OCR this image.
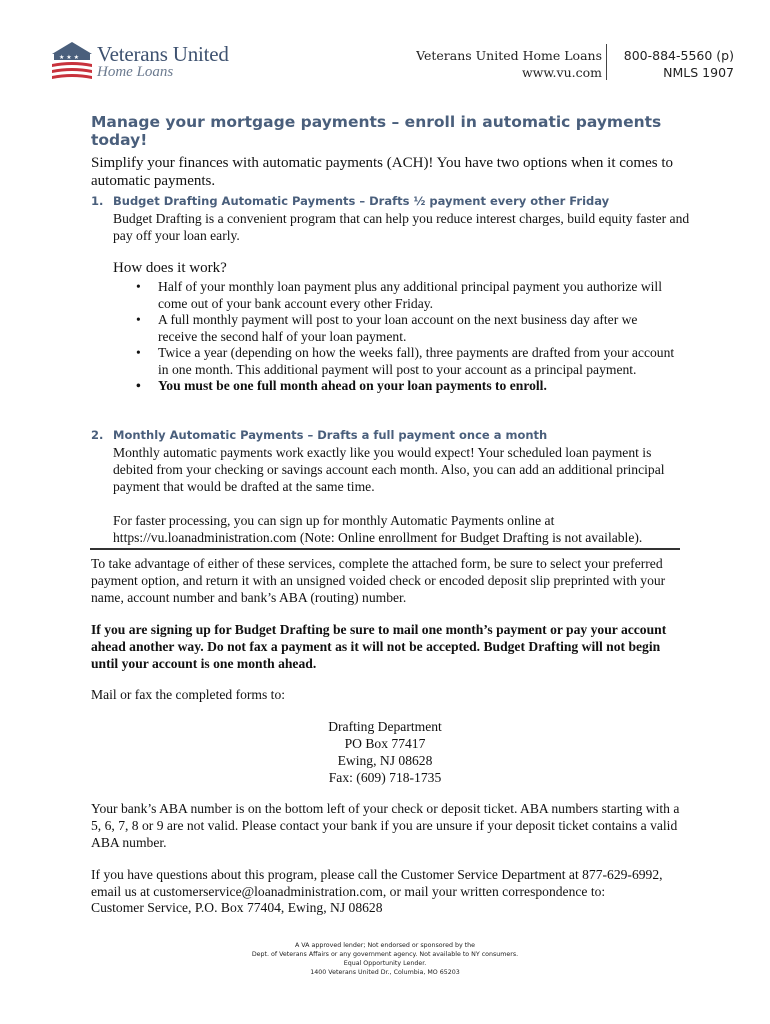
★ ★ ★ Veterans United
Home Loans
Veterans United Home Loans
www.vu.com
800-884-5560 (p)
NMLS 1907
Manage your mortgage payments – enroll in automatic payments today!

Simplify your finances with automatic payments (ACH)! You have two options when it comes to automatic payments.

1. Budget Drafting Automatic Payments – Drafts ½ payment every other Friday

Budget Drafting is a convenient program that can help you reduce interest charges, build equity faster and pay off your loan early.

How does it work?
• Half of your monthly loan payment plus any additional principal payment you authorize will come out of your bank account every other Friday.
• A full monthly payment will post to your loan account on the next business day after we receive the second half of your loan payment.
• Twice a year (depending on how the weeks fall), three payments are drafted from your account in one month. This additional payment will post to your account as a principal payment.
• You must be one full month ahead on your loan payments to enroll.
2. Monthly Automatic Payments – Drafts a full payment once a month

Monthly automatic payments work exactly like you would expect! Your scheduled loan payment is debited from your checking or savings account each month. Also, you can add an additional principal payment that would be drafted at the same time.

For faster processing, you can sign up for monthly Automatic Payments online at https://vu.loanadministration.com (Note: Online enrollment for Budget Drafting is not available).

To take advantage of either of these services, complete the attached form, be sure to select your preferred payment option, and return it with an unsigned voided check or encoded deposit slip preprinted with your name, account number and bank’s ABA (routing) number.
If you are signing up for Budget Drafting be sure to mail one month’s payment or pay your account ahead another way. Do not fax a payment as it will not be accepted. Budget Drafting will not begin until your account is one month ahead.
Mail or fax the completed forms to:
Drafting Department
PO Box 77417
Ewing, NJ 08628
Fax: (609) 718-1735
Your bank’s ABA number is on the bottom left of your check or deposit ticket. ABA numbers starting with a 5, 6, 7, 8 or 9 are not valid. Please contact your bank if you are unsure if your deposit ticket contains a valid ABA number.
If you have questions about this program, please call the Customer Service Department at 877-629-6992, email us at customerservice@loanadministration.com, or mail your written correspondence to:
Customer Service, P.O. Box 77404, Ewing, NJ 08628
A VA approved lender; Not endorsed or sponsored by the
Dept. of Veterans Affairs or any government agency. Not available to NY consumers.
Equal Opportunity Lender.
1400 Veterans United Dr., Columbia, MO 65203
